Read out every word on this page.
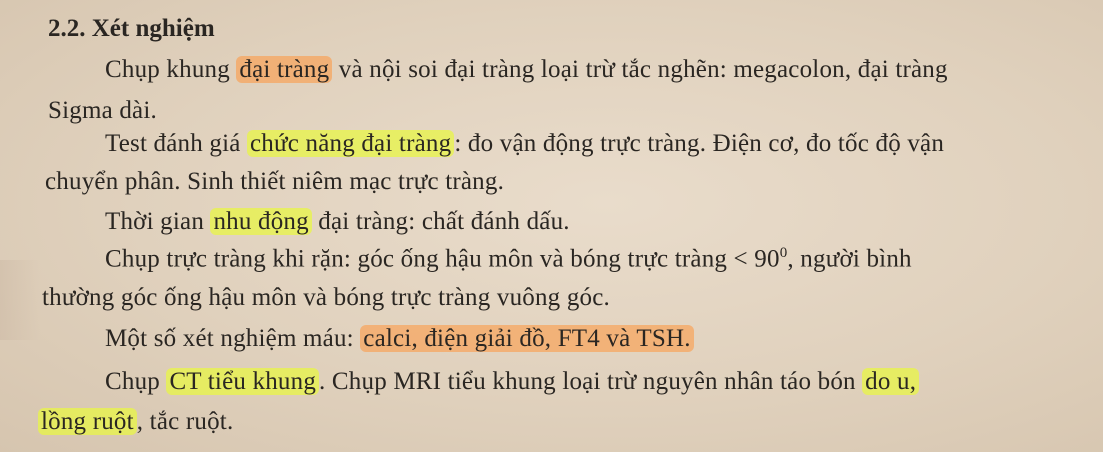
2.2. Xét nghiệm
Chụp khung đại tràng và nội soi đại tràng loại trừ tắc nghẽn: megacolon, đại tràng
Sigma dài.
Test đánh giá chức năng đại tràng : đo vận động trực tràng. Điện cơ, đo tốc độ vận
chuyển phân. Sinh thiết niêm mạc trực tràng.
Thời gian nhu động đại tràng: chất đánh dấu.
Chụp trực tràng khi rặn: góc ống hậu môn và bóng trực tràng < $90^0$, người bình
thường góc ống hậu môn và bóng trực tràng vuông góc.
Một số xét nghiệm máu: calci, điện giải đồ, FT4 và TSH.
Chụp CT tiểu khung . Chụp MRI tiểu khung loại trừ nguyên nhân táo bón do u,
lồng ruột , tắc ruột.
